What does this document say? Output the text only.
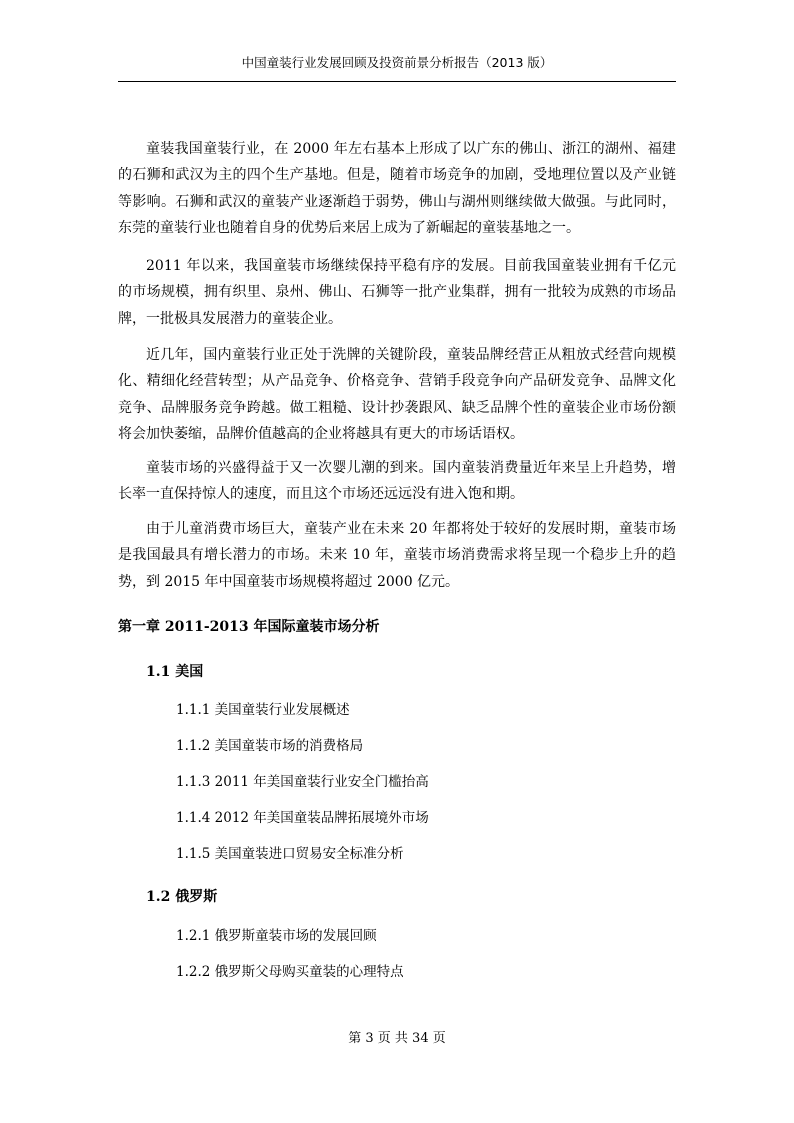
中国童装行业发展回顾及投资前景分析报告（2013 版）

童装我国童装行业，在 2000 年左右基本上形成了以广东的佛山、浙江的湖州、福建的石狮和武汉为主的四个生产基地。但是，随着市场竞争的加剧，受地理位置以及产业链等影响。石狮和武汉的童装产业逐渐趋于弱势，佛山与湖州则继续做大做强。与此同时，东莞的童装行业也随着自身的优势后来居上成为了新崛起的童装基地之一。

2011 年以来，我国童装市场继续保持平稳有序的发展。目前我国童装业拥有千亿元的市场规模，拥有织里、泉州、佛山、石狮等一批产业集群，拥有一批较为成熟的市场品牌，一批极具发展潜力的童装企业。

近几年，国内童装行业正处于洗牌的关键阶段，童装品牌经营正从粗放式经营向规模化、精细化经营转型；从产品竞争、价格竞争、营销手段竞争向产品研发竞争、品牌文化竞争、品牌服务竞争跨越。做工粗糙、设计抄袭跟风、缺乏品牌个性的童装企业市场份额将会加快萎缩，品牌价值越高的企业将越具有更大的市场话语权。

童装市场的兴盛得益于又一次婴儿潮的到来。国内童装消费量近年来呈上升趋势，增长率一直保持惊人的速度，而且这个市场还远远没有进入饱和期。

由于儿童消费市场巨大，童装产业在未来 20 年都将处于较好的发展时期，童装市场是我国最具有增长潜力的市场。未来 10 年，童装市场消费需求将呈现一个稳步上升的趋势，到 2015 年中国童装市场规模将超过 2000 亿元。

第一章 2011-2013 年国际童装市场分析

1.1 美国

1.1.1 美国童装行业发展概述

1.1.2 美国童装市场的消费格局

1.1.3 2011 年美国童装行业安全门槛抬高

1.1.4 2012 年美国童装品牌拓展境外市场

1.1.5 美国童装进口贸易安全标准分析

1.2 俄罗斯

1.2.1 俄罗斯童装市场的发展回顾

1.2.2 俄罗斯父母购买童装的心理特点

第 3 页 共 34 页
